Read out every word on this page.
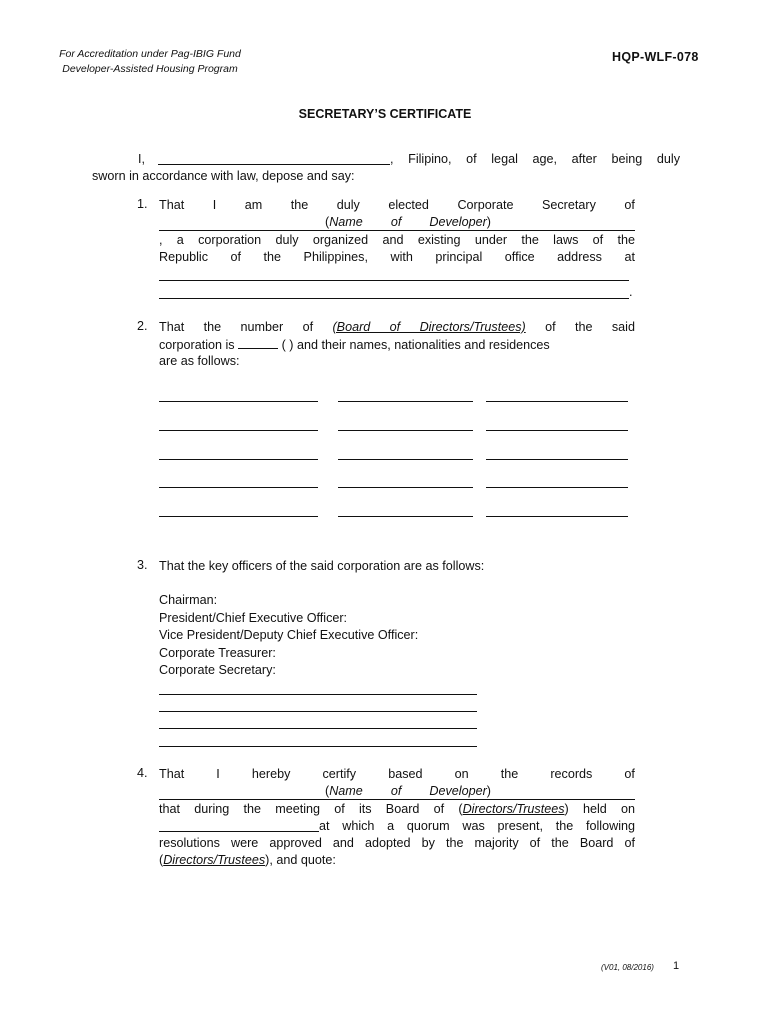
For Accreditation under Pag-IBIG Fund
Developer-Assisted Housing Program
HQP-WLF-078
SECRETARY’S CERTIFICATE
I,	, Filipino, of legal age, after being duly
sworn in accordance with law, depose and say:
1. That I am the duly elected Corporate Secretary of
(Name of Developer)
, a corporation duly organized and existing under the laws of the
Republic of the Philippines, with principal office address at
.
2. That the number of (Board of Directors/Trustees) of the said
corporation is	( ) and their names, nationalities and residences
are as follows:
3. That the key officers of the said corporation are as follows:
Chairman:
President/Chief Executive Officer:
Vice President/Deputy Chief Executive Officer:
Corporate Treasurer:
Corporate Secretary:
4. That	I	hereby	certify	based	on	the	records	of
(Name of Developer)
that during the meeting of its Board of (Directors/Trustees) held on
at which a quorum was present, the following
resolutions were approved and adopted by the majority of the Board of
(Directors/Trustees), and quote:
(V01, 08/2016) 1
